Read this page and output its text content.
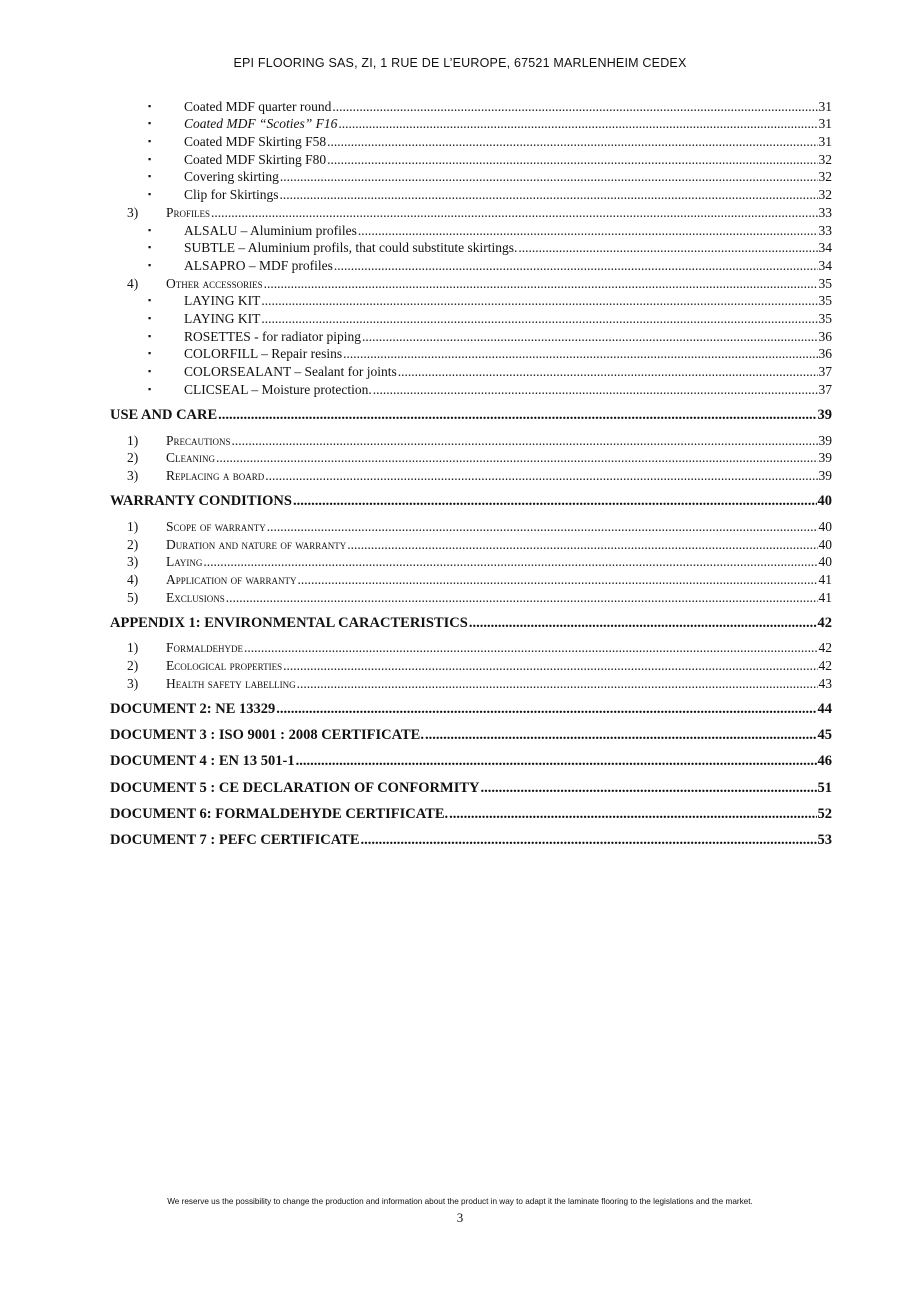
EPI FLOORING SAS, ZI, 1 RUE DE L’EUROPE, 67521 MARLENHEIM CEDEX
▪	Coated MDF quarter round .....	31
▪	Coated MDF “Scoties” F16 .....	31
▪	Coated MDF Skirting F58 .....	31
▪	Coated MDF Skirting F80 .....	32
▪	Covering skirting .....	32
▪	Clip for Skirtings .....	32
3)	Profiles .....	33
▪	ALSALU – Aluminium profiles .....	33
▪	SUBTLE – Aluminium profils, that could substitute skirtings. .....	34
▪	ALSAPRO – MDF profiles .....	34
4)	Other accessories .....	35
▪	LAYING KIT .....	35
▪	LAYING KIT .....	35
▪	ROSETTES - for radiator piping .....	36
▪	COLORFILL – Repair resins .....	36
▪	COLORSEALANT – Sealant for joints .....	37
▪	CLICSEAL – Moisture protection. .....	37
USE AND CARE .....	39
1)	Precautions .....	39
2)	Cleaning .....	39
3)	Replacing a board .....	39
WARRANTY CONDITIONS .....	40
1)	Scope of warranty .....	40
2)	Duration and nature of warranty .....	40
3)	Laying .....	40
4)	Application of warranty .....	41
5)	Exclusions .....	41
APPENDIX 1: ENVIRONMENTAL CARACTERISTICS .....	42
1)	Formaldehyde .....	42
2)	Ecological properties .....	42
3)	Health safety labelling .....	43
DOCUMENT 2: NE 13329 .....	44
DOCUMENT 3 : ISO 9001 : 2008 CERTIFICATE. .....	45
DOCUMENT 4 : EN 13 501-1 .....	46
DOCUMENT 5 : CE DECLARATION OF CONFORMITY .....	51
DOCUMENT 6: FORMALDEHYDE CERTIFICATE. .....	52
DOCUMENT 7 : PEFC CERTIFICATE .....	53
We reserve us the possibility to change the production and information about the product in way to adapt it the laminate flooring to the legislations and the market.
3
